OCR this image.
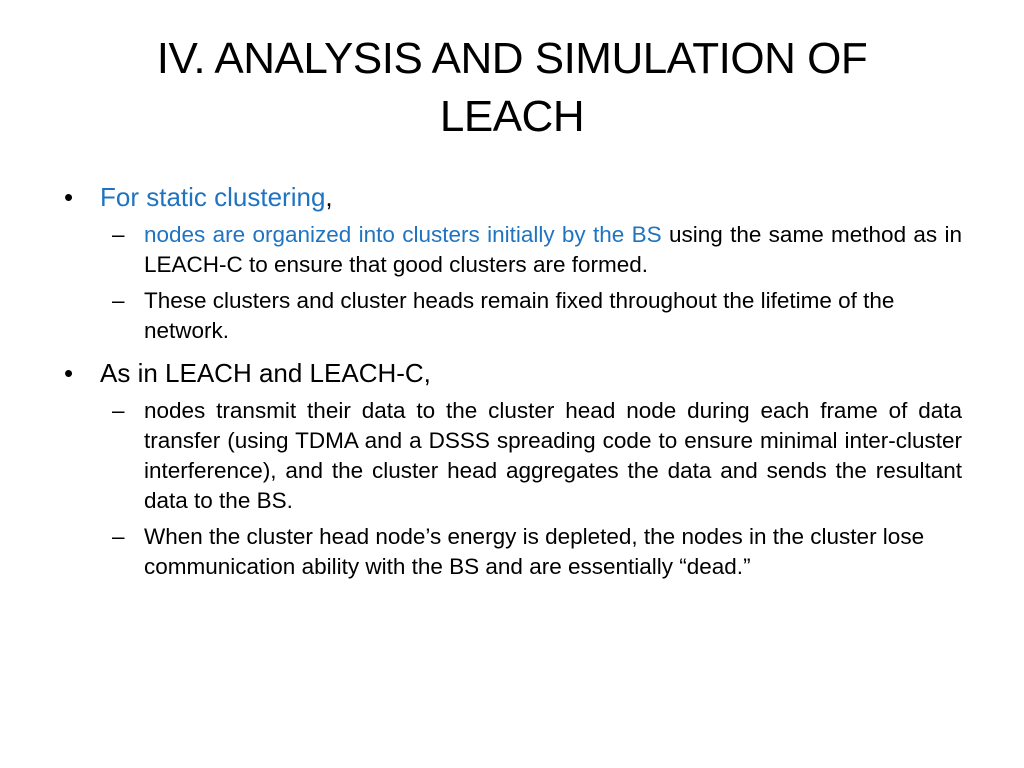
IV. ANALYSIS AND SIMULATION OF
LEACH
•	For static clustering,
– nodes are organized into clusters initially by the BS using the same method as in LEACH-C to ensure that good clusters are formed.
– These clusters and cluster heads remain fixed throughout the lifetime of the network.
•	As in LEACH and LEACH-C,
– nodes transmit their data to the cluster head node during each frame of data transfer (using TDMA and a DSSS spreading code to ensure minimal inter-cluster interference), and the cluster head aggregates the data and sends the resultant data to the BS.
– When the cluster head node’s energy is depleted, the nodes in the cluster lose communication ability with the BS and are essentially “dead.”
